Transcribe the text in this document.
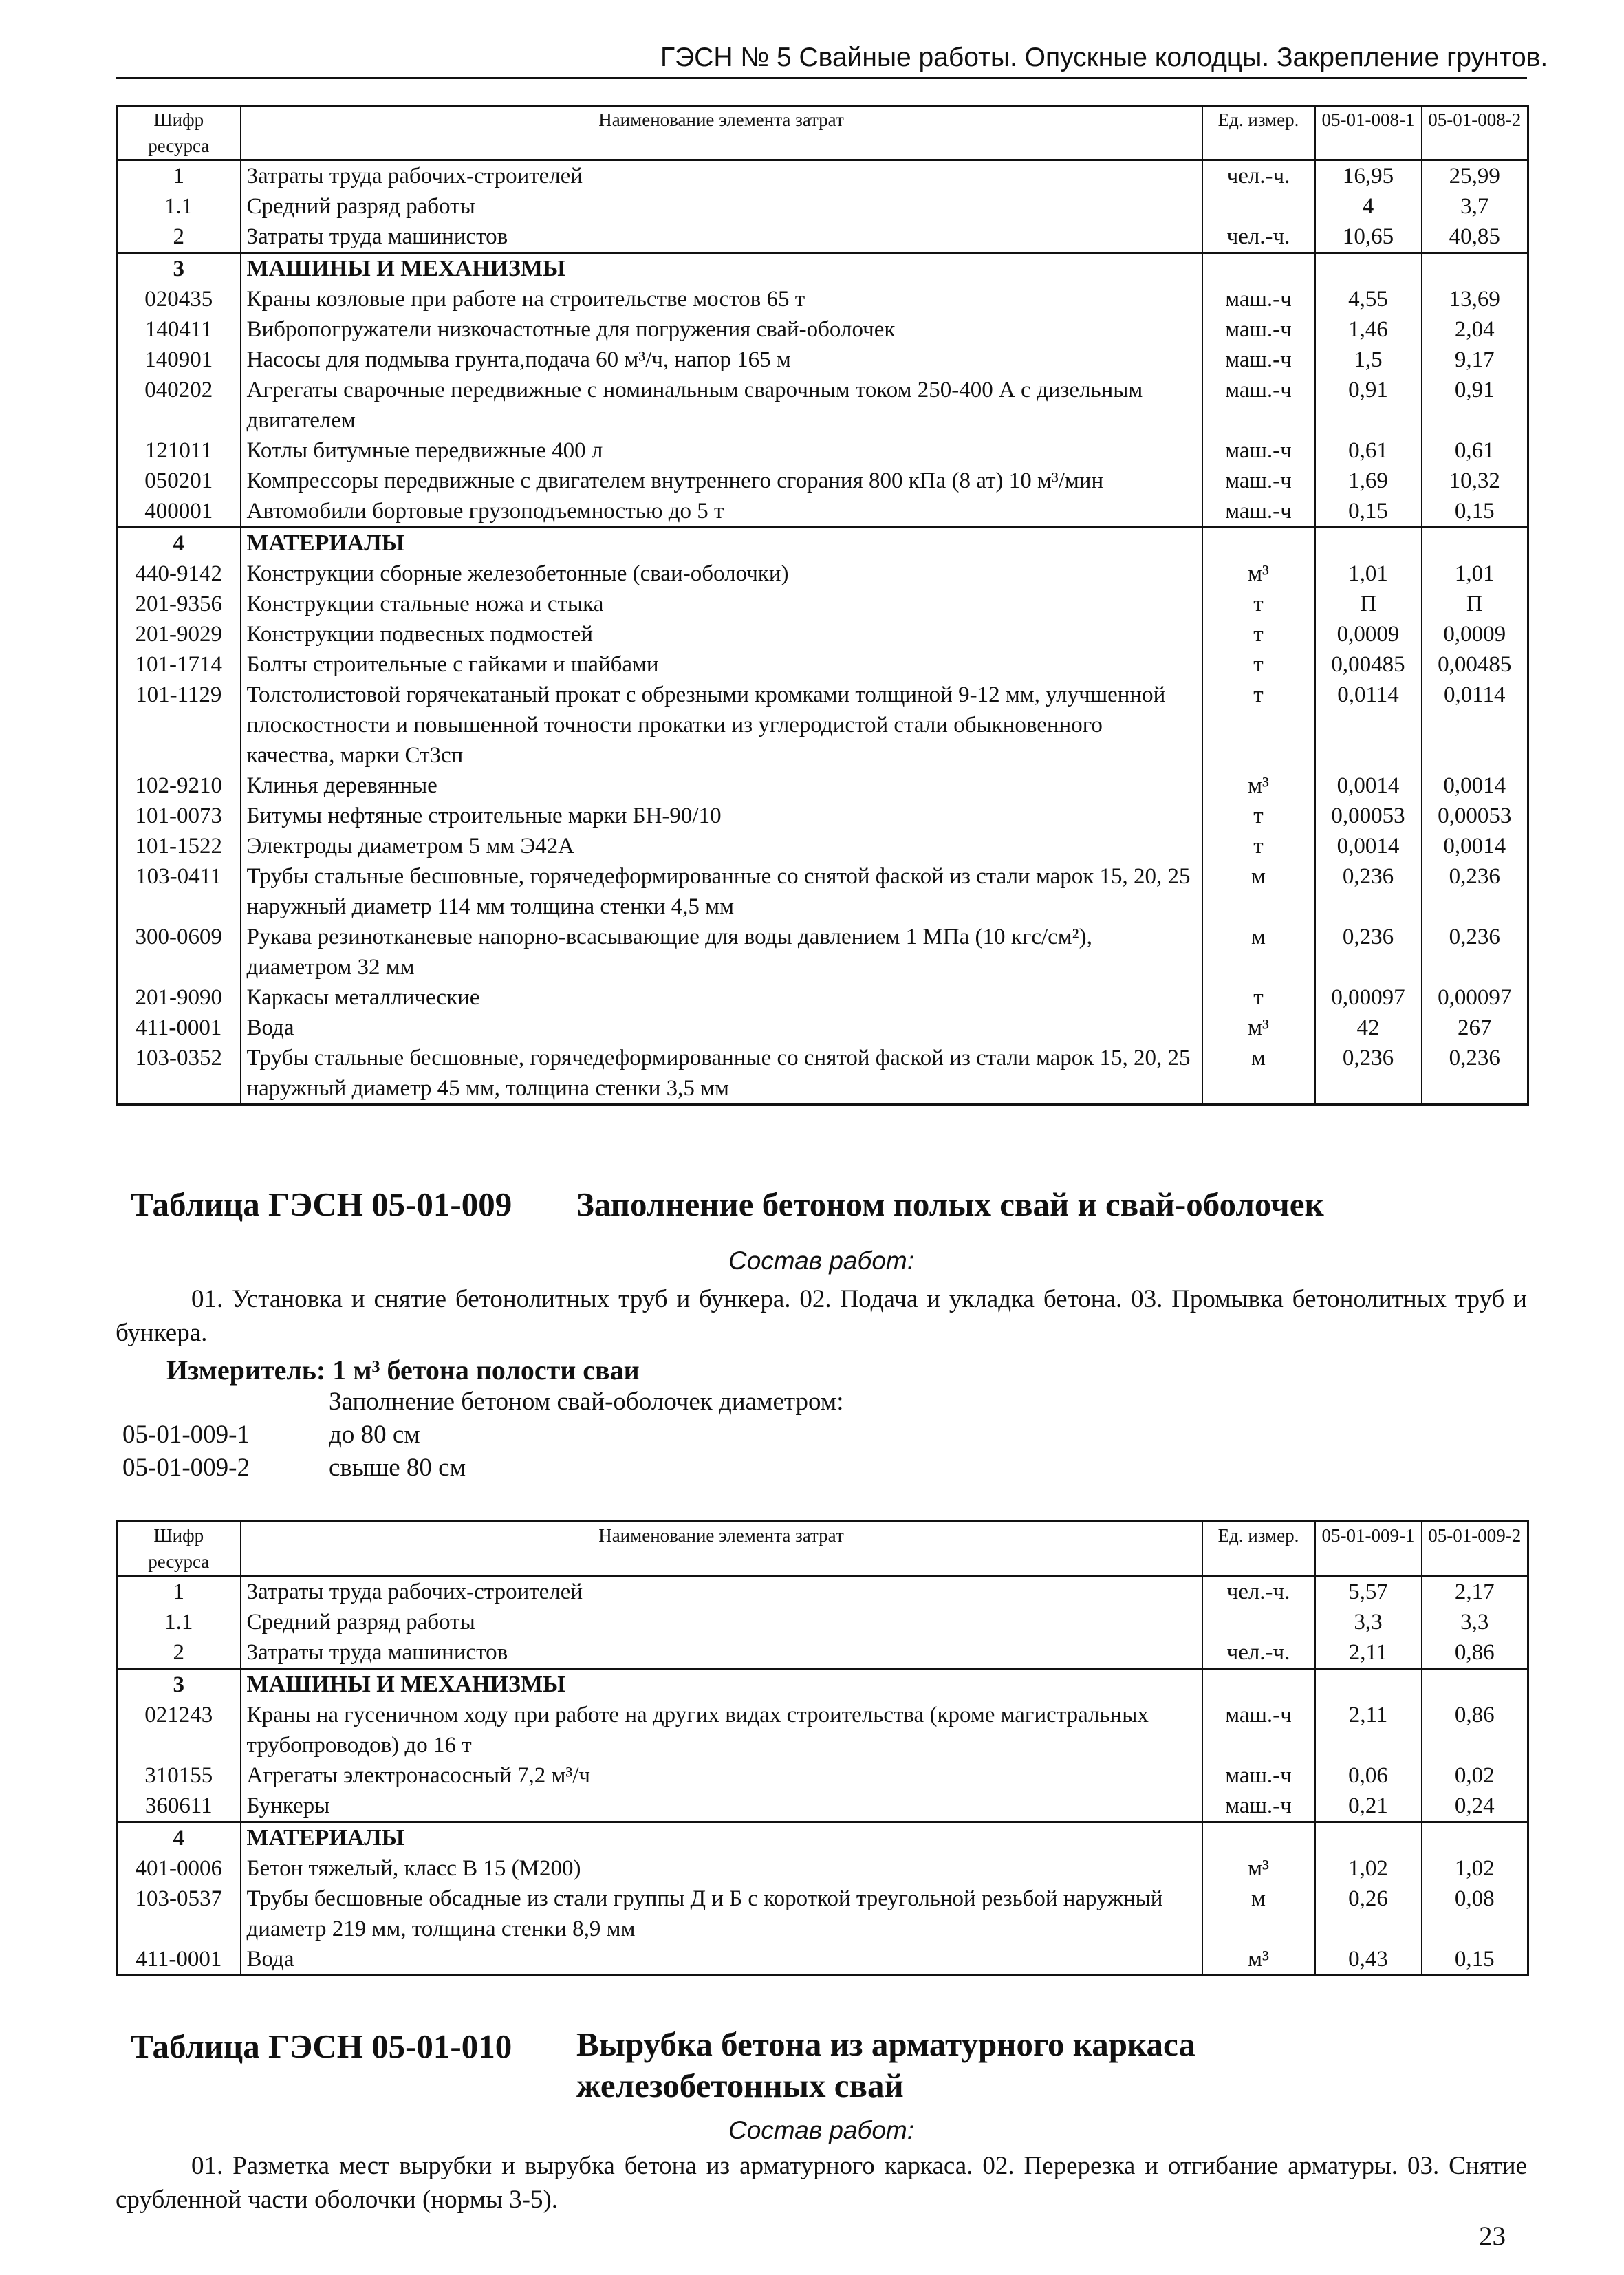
ГЭСН № 5 Свайные работы. Опускные колодцы. Закрепление грунтов.
Шифр ресурса	Наименование элемента затрат	Ед. измер.	05-01-008-1	05-01-008-2
1	Затраты труда рабочих-строителей	чел.-ч.	16,95	25,99
1.1	Средний разряд работы		4	3,7
2	Затраты труда машинистов	чел.-ч.	10,65	40,85
3	МАШИНЫ И МЕХАНИЗМЫ			
020435	Краны козловые при работе на строительстве мостов 65 т	маш.-ч	4,55	13,69
140411	Вибропогружатели низкочастотные для погружения свай-оболочек	маш.-ч	1,46	2,04
140901	Насосы для подмыва грунта,подача 60 м³/ч, напор 165 м	маш.-ч	1,5	9,17
040202	Агрегаты сварочные передвижные с номинальным сварочным током 250-400 А с дизельным двигателем	маш.-ч	0,91	0,91
121011	Котлы битумные передвижные 400 л	маш.-ч	0,61	0,61
050201	Компрессоры передвижные с двигателем внутреннего сгорания 800 кПа (8 ат) 10 м³/мин	маш.-ч	1,69	10,32
400001	Автомобили бортовые грузоподъемностью до 5 т	маш.-ч	0,15	0,15
4	МАТЕРИАЛЫ			
440-9142	Конструкции сборные железобетонные (сваи-оболочки)	м³	1,01	1,01
201-9356	Конструкции стальные ножа и стыка	т	П	П
201-9029	Конструкции подвесных подмостей	т	0,0009	0,0009
101-1714	Болты строительные с гайками и шайбами	т	0,00485	0,00485
101-1129	Толстолистовой горячекатаный прокат с обрезными кромками толщиной 9-12 мм, улучшенной плоскостности и повышенной точности прокатки из углеродистой стали обыкновенного качества, марки Ст3сп	т	0,0114	0,0114
102-9210	Клинья деревянные	м³	0,0014	0,0014
101-0073	Битумы нефтяные строительные марки БН-90/10	т	0,00053	0,00053
101-1522	Электроды диаметром 5 мм Э42А	т	0,0014	0,0014
103-0411	Трубы стальные бесшовные, горячедеформированные со снятой фаской из стали марок 15, 20, 25 наружный диаметр 114 мм толщина стенки 4,5 мм	м	0,236	0,236
300-0609	Рукава резинотканевые напорно-всасывающие для воды давлением 1 МПа (10 кгс/см²), диаметром 32 мм	м	0,236	0,236
201-9090	Каркасы металлические	т	0,00097	0,00097
411-0001	Вода	м³	42	267
103-0352	Трубы стальные бесшовные, горячедеформированные со снятой фаской из стали марок 15, 20, 25 наружный диаметр 45 мм, толщина стенки 3,5 мм	м	0,236	0,236
Таблица ГЭСН 05-01-009 Заполнение бетоном полых свай и свай-оболочек
Состав работ:
01. Установка и снятие бетонолитных труб и бункера. 02. Подача и укладка бетона. 03. Промывка бетонолитных труб и бункера.
Измеритель: 1 м³ бетона полости сваи
Заполнение бетоном свай-оболочек диаметром:
05-01-009-1	до 80 см
05-01-009-2	свыше 80 см
Шифр ресурса	Наименование элемента затрат	Ед. измер.	05-01-009-1	05-01-009-2
1	Затраты труда рабочих-строителей	чел.-ч.	5,57	2,17
1.1	Средний разряд работы		3,3	3,3
2	Затраты труда машинистов	чел.-ч.	2,11	0,86
3	МАШИНЫ И МЕХАНИЗМЫ			
021243	Краны на гусеничном ходу при работе на других видах строительства (кроме магистральных трубопроводов) до 16 т	маш.-ч	2,11	0,86
310155	Агрегаты электронасосный 7,2 м³/ч	маш.-ч	0,06	0,02
360611	Бункеры	маш.-ч	0,21	0,24
4	МАТЕРИАЛЫ			
401-0006	Бетон тяжелый, класс В 15 (М200)	м³	1,02	1,02
103-0537	Трубы бесшовные обсадные из стали группы Д и Б с короткой треугольной резьбой наружный диаметр 219 мм, толщина стенки 8,9 мм	м	0,26	0,08
411-0001	Вода	м³	0,43	0,15
Таблица ГЭСН 05-01-010 Вырубка бетона из арматурного каркаса
железобетонных свай
Состав работ:
01. Разметка мест вырубки и вырубка бетона из арматурного каркаса. 02. Перерезка и отгибание арматуры. 03. Снятие срубленной части оболочки (нормы 3-5).
23
